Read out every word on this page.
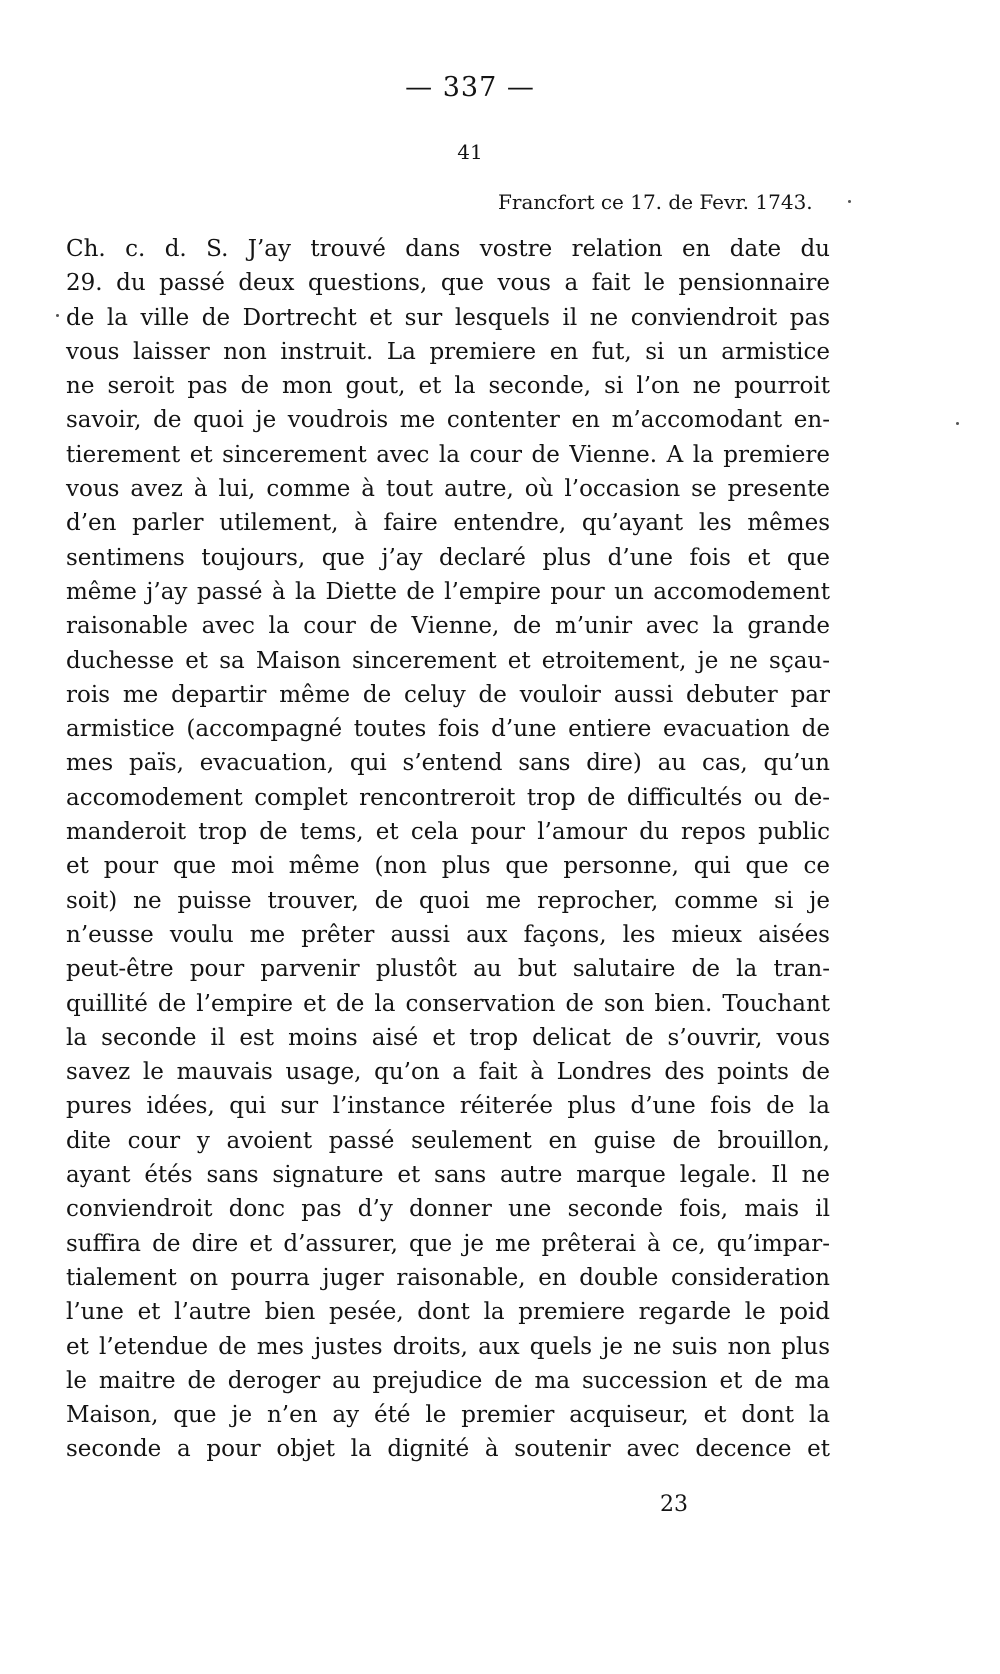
— 337 —
41
Francfort ce 17. de Fevr. 1743.
Ch. c. d. S. J’ay trouvé dans vostre relation en date du
29. du passé deux questions, que vous a fait le pensionnaire
de la ville de Dortrecht et sur lesquels il ne conviendroit pas
vous laisser non instruit. La premiere en fut, si un armistice
ne seroit pas de mon gout, et la seconde, si l’on ne pourroit
savoir, de quoi je voudrois me contenter en m’accomodant en-
tierement et sincerement avec la cour de Vienne. A la premiere
vous avez à lui, comme à tout autre, où l’occasion se presente
d’en parler utilement, à faire entendre, qu’ayant les mêmes
sentimens toujours, que j’ay declaré plus d’une fois et que
même j’ay passé à la Diette de l’empire pour un accomodement
raisonable avec la cour de Vienne, de m’unir avec la grande
duchesse et sa Maison sincerement et etroitement, je ne sçau-
rois me departir même de celuy de vouloir aussi debuter par
armistice (accompagné toutes fois d’une entiere evacuation de
mes païs, evacuation, qui s’entend sans dire) au cas, qu’un
accomodement complet rencontreroit trop de difficultés ou de-
manderoit trop de tems, et cela pour l’amour du repos public
et pour que moi même (non plus que personne, qui que ce
soit) ne puisse trouver, de quoi me reprocher, comme si je
n’eusse voulu me prêter aussi aux façons, les mieux aisées
peut-être pour parvenir plustôt au but salutaire de la tran-
quillité de l’empire et de la conservation de son bien. Touchant
la seconde il est moins aisé et trop delicat de s’ouvrir, vous
savez le mauvais usage, qu’on a fait à Londres des points de
pures idées, qui sur l’instance réiterée plus d’une fois de la
dite cour y avoient passé seulement en guise de brouillon,
ayant étés sans signature et sans autre marque legale. Il ne
conviendroit donc pas d’y donner une seconde fois, mais il
suffira de dire et d’assurer, que je me prêterai à ce, qu’impar-
tialement on pourra juger raisonable, en double consideration
l’une et l’autre bien pesée, dont la premiere regarde le poid
et l’etendue de mes justes droits, aux quels je ne suis non plus
le maitre de deroger au prejudice de ma succession et de ma
Maison, que je n’en ay été le premier acquiseur, et dont la
seconde a pour objet la dignité à soutenir avec decence et
23
